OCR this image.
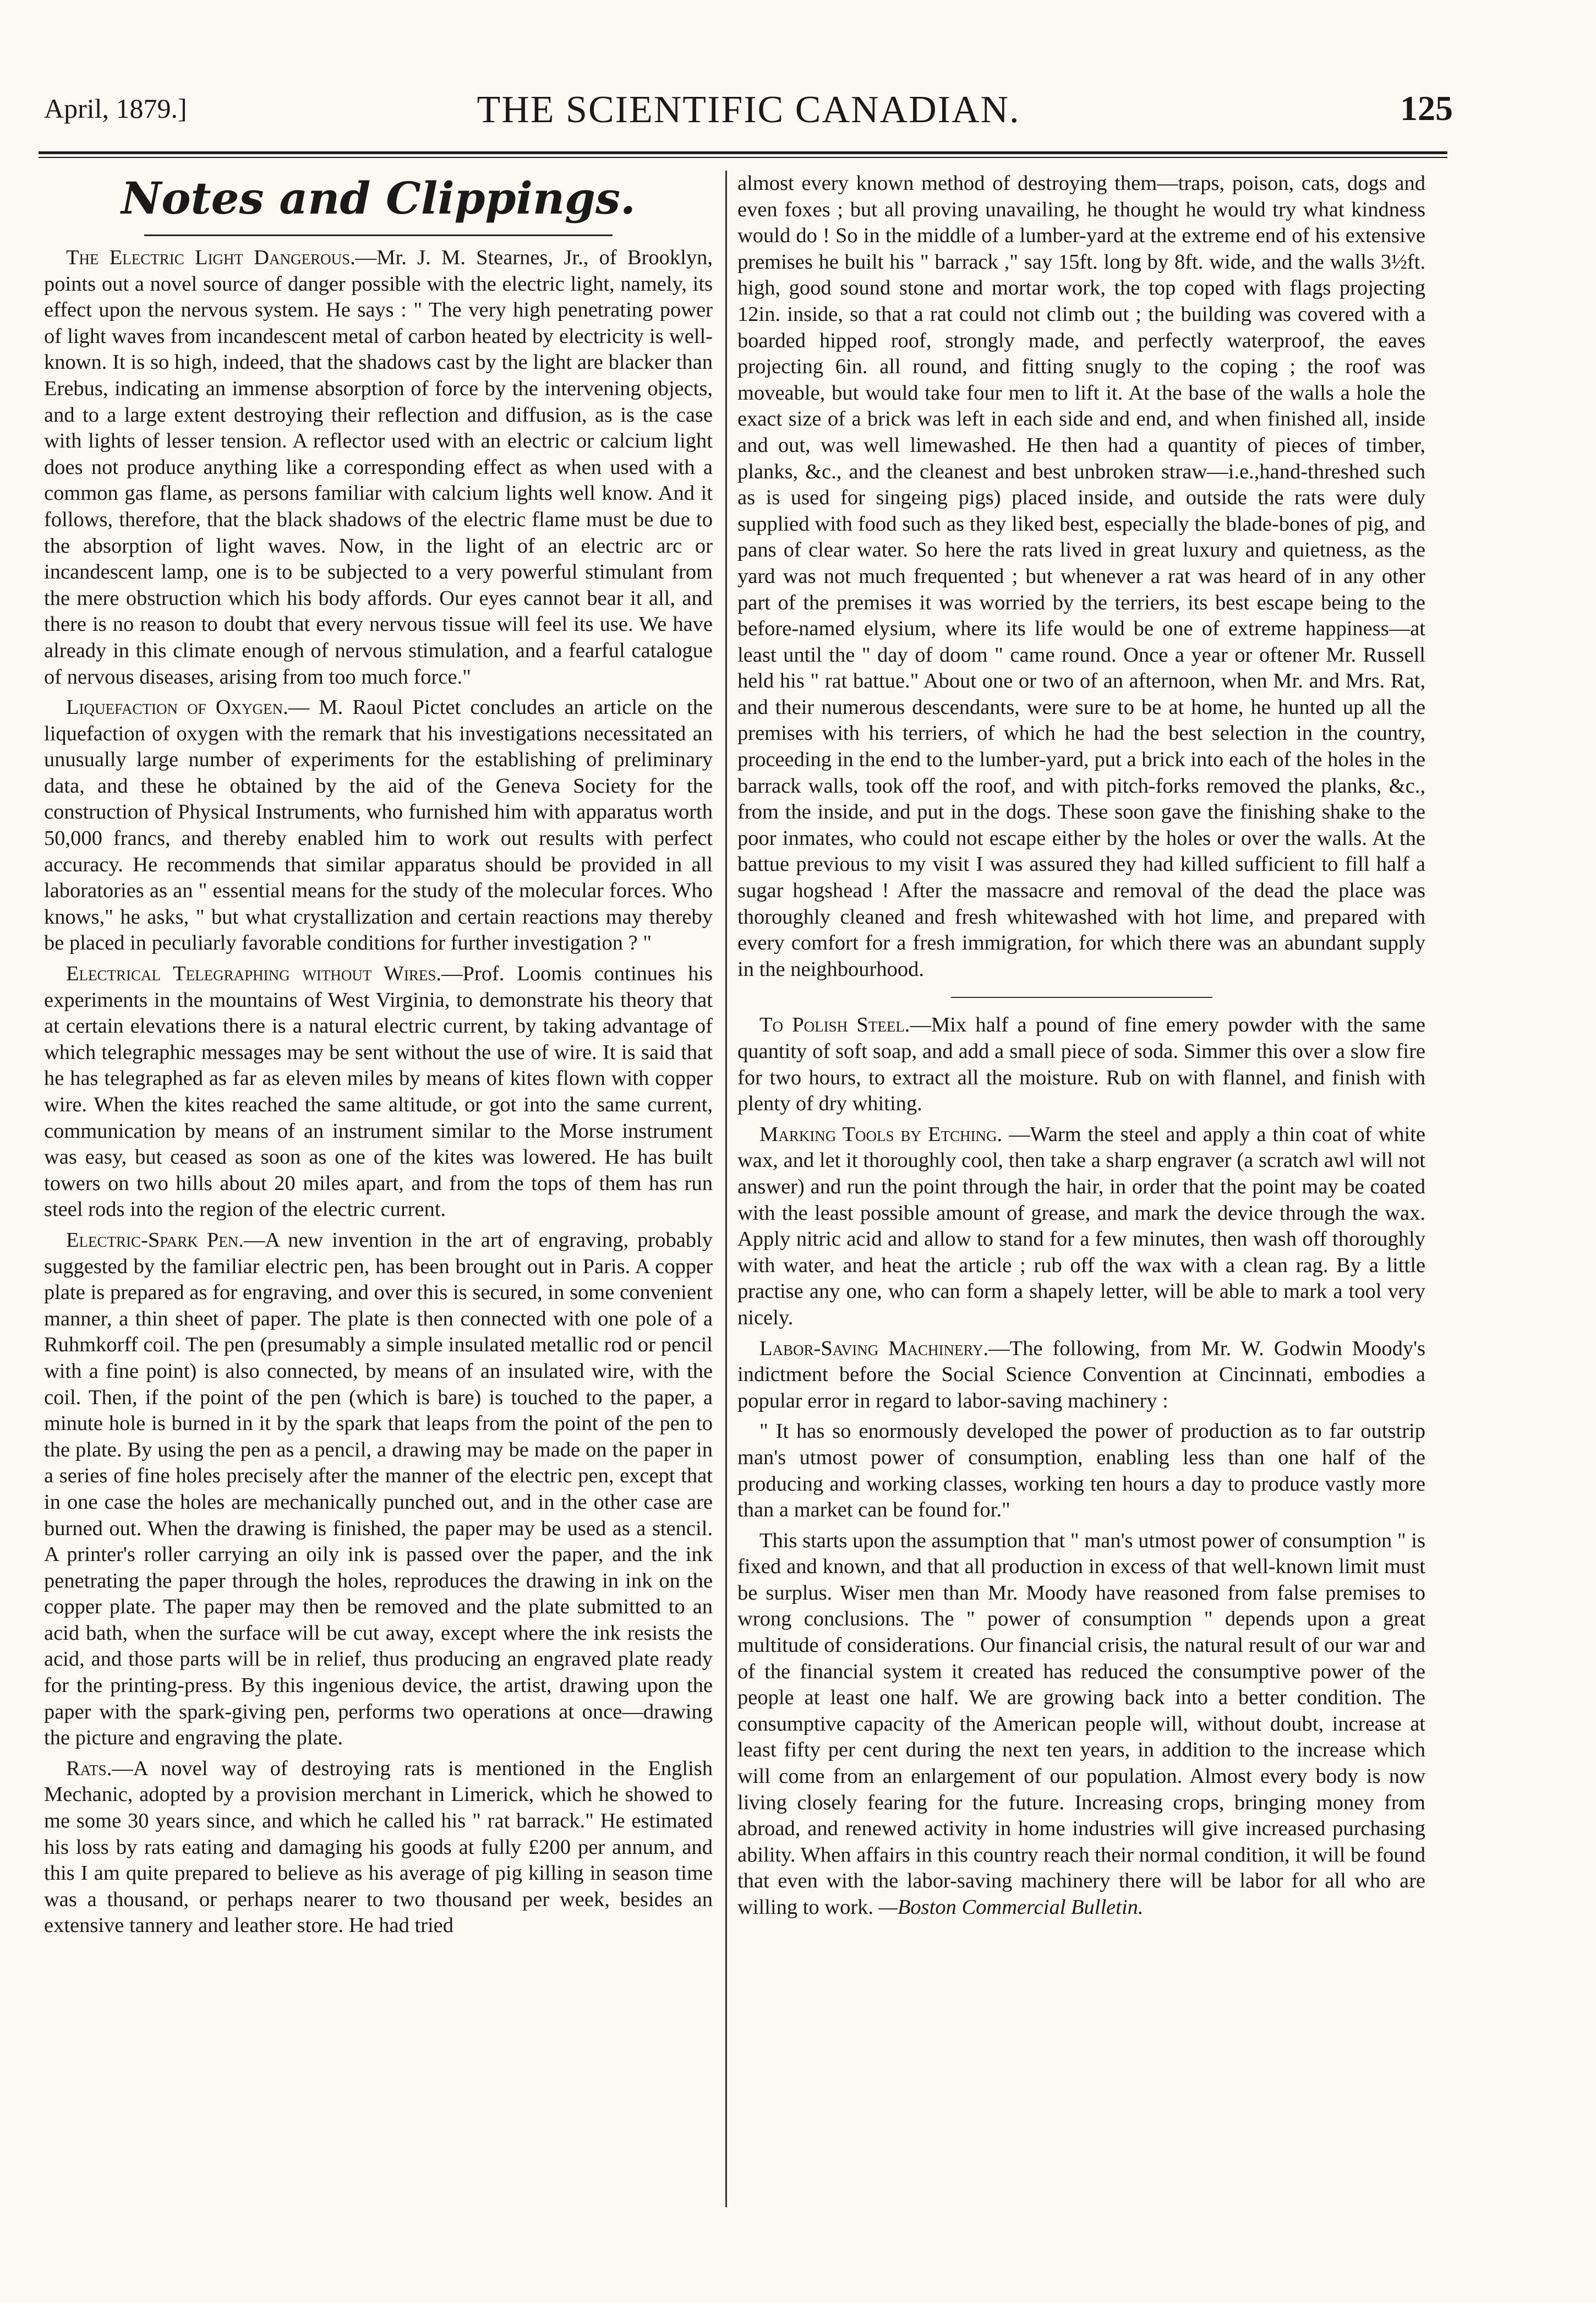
April, 1879.]	THE SCIENTIFIC CANADIAN.	125
Notes and Clippings.

The Electric Light Dangerous.—Mr. J. M. Stearnes, Jr., of Brooklyn, points out a novel source of danger possible with the electric light, namely, its effect upon the nervous system. He says : " The very high penetrating power of light waves from incandescent metal of carbon heated by electricity is well-known. It is so high, indeed, that the shadows cast by the light are blacker than Erebus, indicating an immense absorption of force by the intervening objects, and to a large extent destroying their reflection and diffusion, as is the case with lights of lesser tension. A reflector used with an electric or calcium light does not produce anything like a corresponding effect as when used with a common gas flame, as persons familiar with calcium lights well know. And it follows, therefore, that the black shadows of the electric flame must be due to the absorption of light waves. Now, in the light of an electric arc or incandescent lamp, one is to be subjected to a very powerful stimulant from the mere obstruction which his body affords. Our eyes cannot bear it all, and there is no reason to doubt that every nervous tissue will feel its use. We have already in this climate enough of nervous stimulation, and a fearful catalogue of nervous diseases, arising from too much force."

Liquefaction of Oxygen.— M. Raoul Pictet concludes an article on the liquefaction of oxygen with the remark that his investigations necessitated an unusually large number of experiments for the establishing of preliminary data, and these he obtained by the aid of the Geneva Society for the construction of Physical Instruments, who furnished him with apparatus worth 50,000 francs, and thereby enabled him to work out results with perfect accuracy. He recommends that similar apparatus should be provided in all laboratories as an " essential means for the study of the molecular forces. Who knows," he asks, " but what crystallization and certain reactions may thereby be placed in peculiarly favorable conditions for further investigation ? "

Electrical Telegraphing without Wires.—Prof. Loomis continues his experiments in the mountains of West Virginia, to demonstrate his theory that at certain elevations there is a natural electric current, by taking advantage of which telegraphic messages may be sent without the use of wire. It is said that he has telegraphed as far as eleven miles by means of kites flown with copper wire. When the kites reached the same altitude, or got into the same current, communication by means of an instrument similar to the Morse instrument was easy, but ceased as soon as one of the kites was lowered. He has built towers on two hills about 20 miles apart, and from the tops of them has run steel rods into the region of the electric current.

Electric-Spark Pen.—A new invention in the art of engraving, probably suggested by the familiar electric pen, has been brought out in Paris. A copper plate is prepared as for engraving, and over this is secured, in some convenient manner, a thin sheet of paper. The plate is then connected with one pole of a Ruhmkorff coil. The pen (presumably a simple insulated metallic rod or pencil with a fine point) is also connected, by means of an insulated wire, with the coil. Then, if the point of the pen (which is bare) is touched to the paper, a minute hole is burned in it by the spark that leaps from the point of the pen to the plate. By using the pen as a pencil, a drawing may be made on the paper in a series of fine holes precisely after the manner of the electric pen, except that in one case the holes are mechanically punched out, and in the other case are burned out. When the drawing is finished, the paper may be used as a stencil. A printer's roller carrying an oily ink is passed over the paper, and the ink penetrating the paper through the holes, reproduces the drawing in ink on the copper plate. The paper may then be removed and the plate submitted to an acid bath, when the surface will be cut away, except where the ink resists the acid, and those parts will be in relief, thus producing an engraved plate ready for the printing-press. By this ingenious device, the artist, drawing upon the paper with the spark-giving pen, performs two operations at once—drawing the picture and engraving the plate.

Rats.—A novel way of destroying rats is mentioned in the English Mechanic, adopted by a provision merchant in Limerick, which he showed to me some 30 years since, and which he called his " rat barrack." He estimated his loss by rats eating and damaging his goods at fully £200 per annum, and this I am quite prepared to believe as his average of pig killing in season time was a thousand, or perhaps nearer to two thousand per week, besides an extensive tannery and leather store. He had tried

almost every known method of destroying them—traps, poison, cats, dogs and even foxes ; but all proving unavailing, he thought he would try what kindness would do ! So in the middle of a lumber-yard at the extreme end of his extensive premises he built his " barrack ," say 15ft. long by 8ft. wide, and the walls 3½ft. high, good sound stone and mortar work, the top coped with flags projecting 12in. inside, so that a rat could not climb out ; the building was covered with a boarded hipped roof, strongly made, and perfectly waterproof, the eaves projecting 6in. all round, and fitting snugly to the coping ; the roof was moveable, but would take four men to lift it. At the base of the walls a hole the exact size of a brick was left in each side and end, and when finished all, inside and out, was well limewashed. He then had a quantity of pieces of timber, planks, &c., and the cleanest and best unbroken straw—i.e.,hand-threshed such as is used for singeing pigs) placed inside, and outside the rats were duly supplied with food such as they liked best, especially the blade-bones of pig, and pans of clear water. So here the rats lived in great luxury and quietness, as the yard was not much frequented ; but whenever a rat was heard of in any other part of the premises it was worried by the terriers, its best escape being to the before-named elysium, where its life would be one of extreme happiness—at least until the " day of doom " came round. Once a year or oftener Mr. Russell held his " rat battue." About one or two of an afternoon, when Mr. and Mrs. Rat, and their numerous descendants, were sure to be at home, he hunted up all the premises with his terriers, of which he had the best selection in the country, proceeding in the end to the lumber-yard, put a brick into each of the holes in the barrack walls, took off the roof, and with pitch-forks removed the planks, &c., from the inside, and put in the dogs. These soon gave the finishing shake to the poor inmates, who could not escape either by the holes or over the walls. At the battue previous to my visit I was assured they had killed sufficient to fill half a sugar hogshead ! After the massacre and removal of the dead the place was thoroughly cleaned and fresh whitewashed with hot lime, and prepared with every comfort for a fresh immigration, for which there was an abundant supply in the neighbourhood.

To Polish Steel.—Mix half a pound of fine emery powder with the same quantity of soft soap, and add a small piece of soda. Simmer this over a slow fire for two hours, to extract all the moisture. Rub on with flannel, and finish with plenty of dry whiting.

Marking Tools by Etching. —Warm the steel and apply a thin coat of white wax, and let it thoroughly cool, then take a sharp engraver (a scratch awl will not answer) and run the point through the hair, in order that the point may be coated with the least possible amount of grease, and mark the device through the wax. Apply nitric acid and allow to stand for a few minutes, then wash off thoroughly with water, and heat the article ; rub off the wax with a clean rag. By a little practise any one, who can form a shapely letter, will be able to mark a tool very nicely.

Labor-Saving Machinery.—The following, from Mr. W. Godwin Moody's indictment before the Social Science Convention at Cincinnati, embodies a popular error in regard to labor-saving machinery :

" It has so enormously developed the power of production as to far outstrip man's utmost power of consumption, enabling less than one half of the producing and working classes, working ten hours a day to produce vastly more than a market can be found for."

This starts upon the assumption that " man's utmost power of consumption " is fixed and known, and that all production in excess of that well-known limit must be surplus. Wiser men than Mr. Moody have reasoned from false premises to wrong conclusions. The " power of consumption " depends upon a great multitude of considerations. Our financial crisis, the natural result of our war and of the financial system it created has reduced the consumptive power of the people at least one half. We are growing back into a better condition. The consumptive capacity of the American people will, without doubt, increase at least fifty per cent during the next ten years, in addition to the increase which will come from an enlargement of our population. Almost every body is now living closely fearing for the future. Increasing crops, bringing money from abroad, and renewed activity in home industries will give increased purchasing ability. When affairs in this country reach their normal condition, it will be found that even with the labor-saving machinery there will be labor for all who are willing to work. —Boston Commercial Bulletin.
